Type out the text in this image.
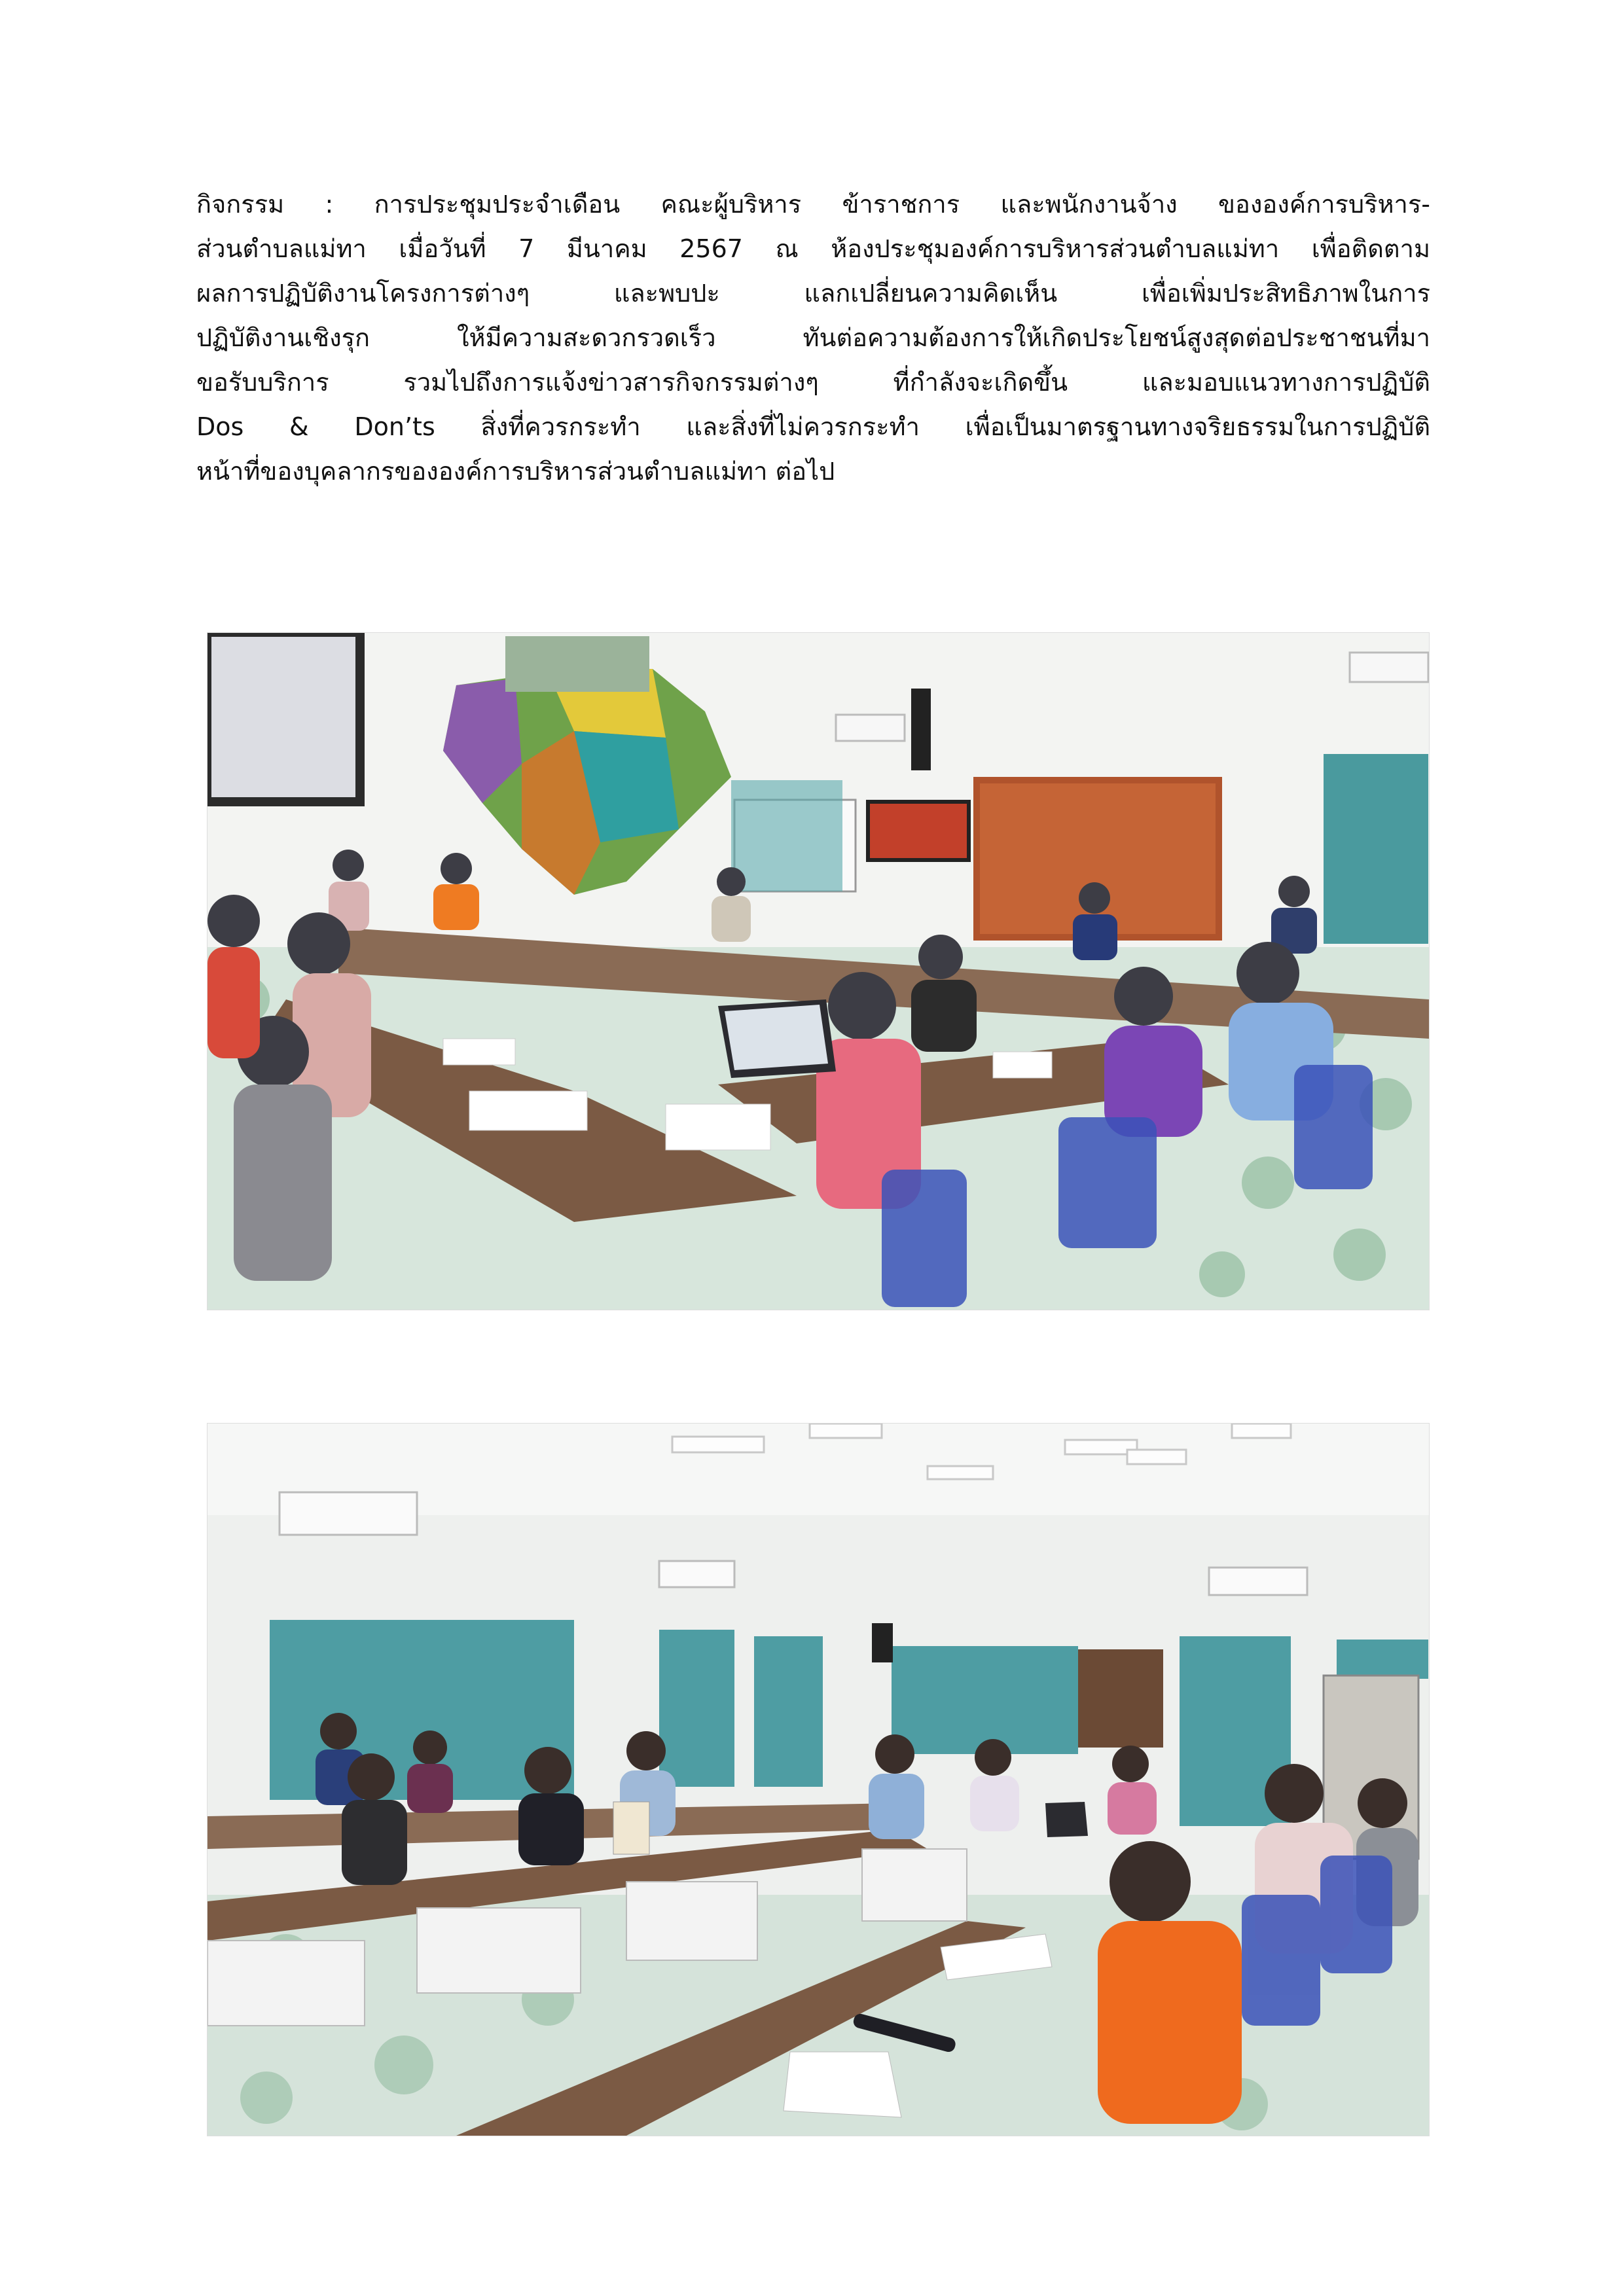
กิจกรรม : การประชุมประจำเดือน คณะผู้บริหาร ข้าราชการ และพนักงานจ้าง ขององค์การบริหาร-
ส่วนตำบลแม่ทา เมื่อวันที่ 7 มีนาคม 2567 ณ ห้องประชุมองค์การบริหารส่วนตำบลแม่ทา เพื่อติดตาม
ผลการปฏิบัติงานโครงการต่างๆ และพบปะ แลกเปลี่ยนความคิดเห็น เพื่อเพิ่มประสิทธิภาพในการ
ปฏิบัติงานเชิงรุก ให้มีความสะดวกรวดเร็ว ทันต่อความต้องการให้เกิดประโยชน์สูงสุดต่อประชาชนที่มา
ขอรับบริการ รวมไปถึงการแจ้งข่าวสารกิจกรรมต่างๆ ที่กำลังจะเกิดขึ้น และมอบแนวทางการปฏิบัติ
Dos & Don’ts สิ่งที่ควรกระทำ และสิ่งที่ไม่ควรกระทำ เพื่อเป็นมาตรฐานทางจริยธรรมในการปฏิบัติ
หน้าที่ของบุคลากรขององค์การบริหารส่วนตำบลแม่ทา ต่อไป
